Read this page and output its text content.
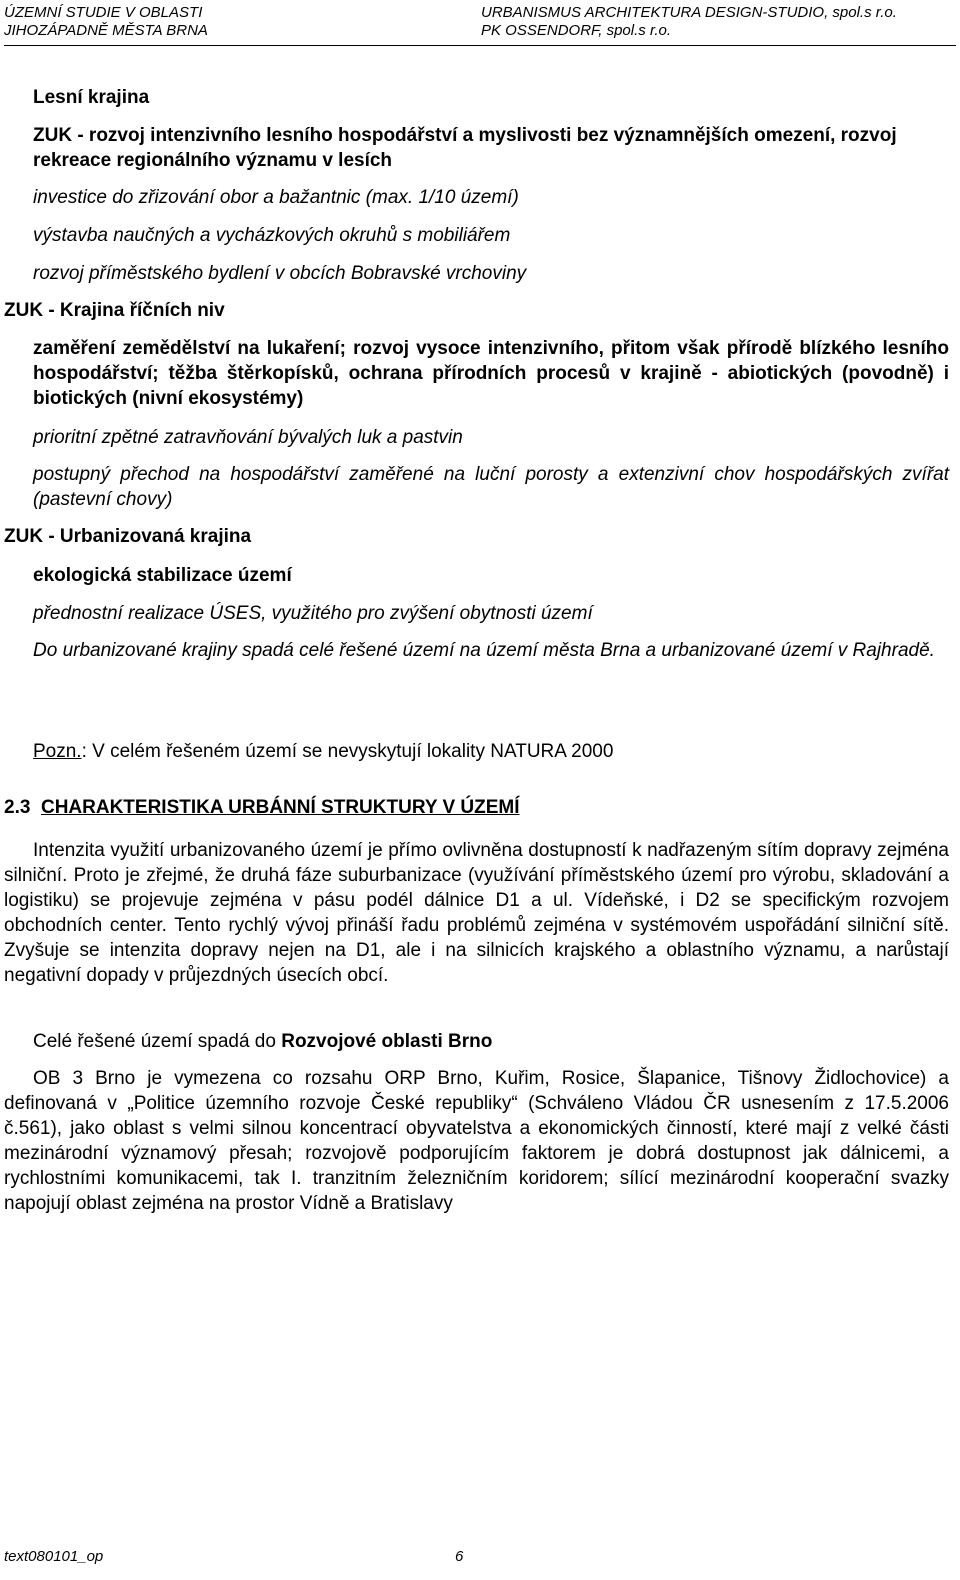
ÚZEMNÍ STUDIE V OBLASTI
JIHOZÁPADNĚ MĚSTA BRNA
URBANISMUS ARCHITEKTURA DESIGN-STUDIO, spol.s r.o.
PK OSSENDORF, spol.s r.o.

Lesní krajina

ZUK - rozvoj intenzivního lesního hospodářství a myslivosti bez významnějších omezení, rozvoj rekreace regionálního významu v lesích

investice do zřizování obor a bažantnic (max. 1/10 území)

výstavba naučných a vycházkových okruhů s mobiliářem

rozvoj příměstského bydlení v obcích Bobravské vrchoviny

ZUK - Krajina říčních niv

zaměření zemědělství na lukaření; rozvoj vysoce intenzivního, přitom však přírodě blízkého lesního hospodářství; těžba štěrkopísků, ochrana přírodních procesů v krajině - abiotických (povodně) i biotických (nivní ekosystémy)

prioritní zpětné zatravňování bývalých luk a pastvin

postupný přechod na hospodářství zaměřené na luční porosty a extenzivní chov hospodářských zvířat (pastevní chovy)

ZUK - Urbanizovaná krajina

ekologická stabilizace území

přednostní realizace ÚSES, využitého pro zvýšení obytnosti území

Do urbanizované krajiny spadá celé řešené území na území města Brna a urbanizované území v Rajhradě.

Pozn.: V celém řešeném území se nevyskytují lokality NATURA 2000

2.3 CHARAKTERISTIKA URBÁNNÍ STRUKTURY V ÚZEMÍ

Intenzita využití urbanizovaného území je přímo ovlivněna dostupností k nadřazeným sítím dopravy zejména silniční. Proto je zřejmé, že druhá fáze suburbanizace (využívání příměstského území pro výrobu, skladování a logistiku) se projevuje zejména v pásu podél dálnice D1 a ul. Vídeňské, i D2 se specifickým rozvojem obchodních center. Tento rychlý vývoj přináší řadu problémů zejména v systémovém uspořádání silniční sítě. Zvyšuje se intenzita dopravy nejen na D1, ale i na silnicích krajského a oblastního významu, a narůstají negativní dopady v průjezdných úsecích obcí.

Celé řešené území spadá do Rozvojové oblasti Brno

OB 3 Brno je vymezena co rozsahu ORP Brno, Kuřim, Rosice, Šlapanice, Tišnovy Židlochovice) a definovaná v „Politice územního rozvoje České republiky“ (Schváleno Vládou ČR usnesením z 17.5.2006 č.561), jako oblast s velmi silnou koncentrací obyvatelstva a ekonomických činností, které mají z velké části mezinárodní významový přesah; rozvojově podporujícím faktorem je dobrá dostupnost jak dálnicemi, a rychlostními komunikacemi, tak I. tranzitním železničním koridorem; sílící mezinárodní kooperační svazky napojují oblast zejména na prostor Vídně a Bratislavy

text080101_op	6
